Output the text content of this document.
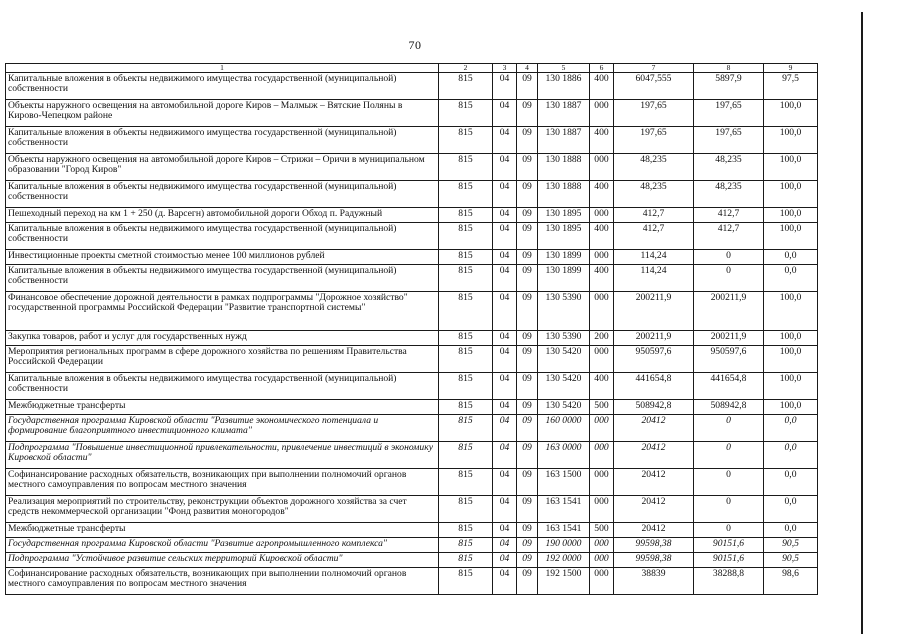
70
1	2	3	4	5	6	7	8	9
Капитальные вложения в объекты недвижимого имущества государственной (муниципальной) собственности	815	04	09	130 1886	400	6047,555	5897,9	97,5
Объекты наружного освещения на автомобильной дороге Киров – Малмыж – Вятские Поляны в Кирово-Чепецком районе	815	04	09	130 1887	000	197,65	197,65	100,0
Капитальные вложения в объекты недвижимого имущества государственной (муниципальной) собственности	815	04	09	130 1887	400	197,65	197,65	100,0
Объекты наружного освещения на автомобильной дороге Киров – Стрижи – Оричи в муниципальном образовании "Город Киров"	815	04	09	130 1888	000	48,235	48,235	100,0
Капитальные вложения в объекты недвижимого имущества государственной (муниципальной) собственности	815	04	09	130 1888	400	48,235	48,235	100,0
Пешеходный переход на км 1 + 250 (д. Варсегн) автомобильной дороги Обход п. Радужный	815	04	09	130 1895	000	412,7	412,7	100,0
Капитальные вложения в объекты недвижимого имущества государственной (муниципальной) собственности	815	04	09	130 1895	400	412,7	412,7	100,0
Инвестиционные проекты сметной стоимостью менее 100 миллионов рублей	815	04	09	130 1899	000	114,24	0	0,0
Капитальные вложения в объекты недвижимого имущества государственной (муниципальной) собственности	815	04	09	130 1899	400	114,24	0	0,0
Финансовое обеспечение дорожной деятельности в рамках подпрограммы "Дорожное хозяйство" государственной программы Российской Федерации "Развитие транспортной системы"	815	04	09	130 5390	000	200211,9	200211,9	100,0
Закупка товаров, работ и услуг для государственных нужд	815	04	09	130 5390	200	200211,9	200211,9	100,0
Мероприятия региональных программ в сфере дорожного хозяйства по решениям Правительства Российской Федерации	815	04	09	130 5420	000	950597,6	950597,6	100,0
Капитальные вложения в объекты недвижимого имущества государственной (муниципальной) собственности	815	04	09	130 5420	400	441654,8	441654,8	100,0
Межбюджетные трансферты	815	04	09	130 5420	500	508942,8	508942,8	100,0
Государственная программа Кировской области "Развитие экономического потенциала и формирование благоприятного инвестиционного климата"	815	04	09	160 0000	000	20412	0	0,0
Подпрограмма "Повышение инвестиционной привлекательности, привлечение инвестиций в экономику Кировской области"	815	04	09	163 0000	000	20412	0	0,0
Софинансирование расходных обязательств, возникающих при выполнении полномочий органов местного самоуправления по вопросам местного значения	815	04	09	163 1500	000	20412	0	0,0
Реализация мероприятий по строительству, реконструкции объектов дорожного хозяйства за счет средств некоммерческой организации "Фонд развития моногородов"	815	04	09	163 1541	000	20412	0	0,0
Межбюджетные трансферты	815	04	09	163 1541	500	20412	0	0,0
Государственная программа Кировской области "Развитие агропромышленного комплекса"	815	04	09	190 0000	000	99598,38	90151,6	90,5
Подпрограмма "Устойчивое развитие сельских территорий Кировской области"	815	04	09	192 0000	000	99598,38	90151,6	90,5
Софинансирование расходных обязательств, возникающих при выполнении полномочий органов местного самоуправления по вопросам местного значения	815	04	09	192 1500	000	38839	38288,8	98,6
